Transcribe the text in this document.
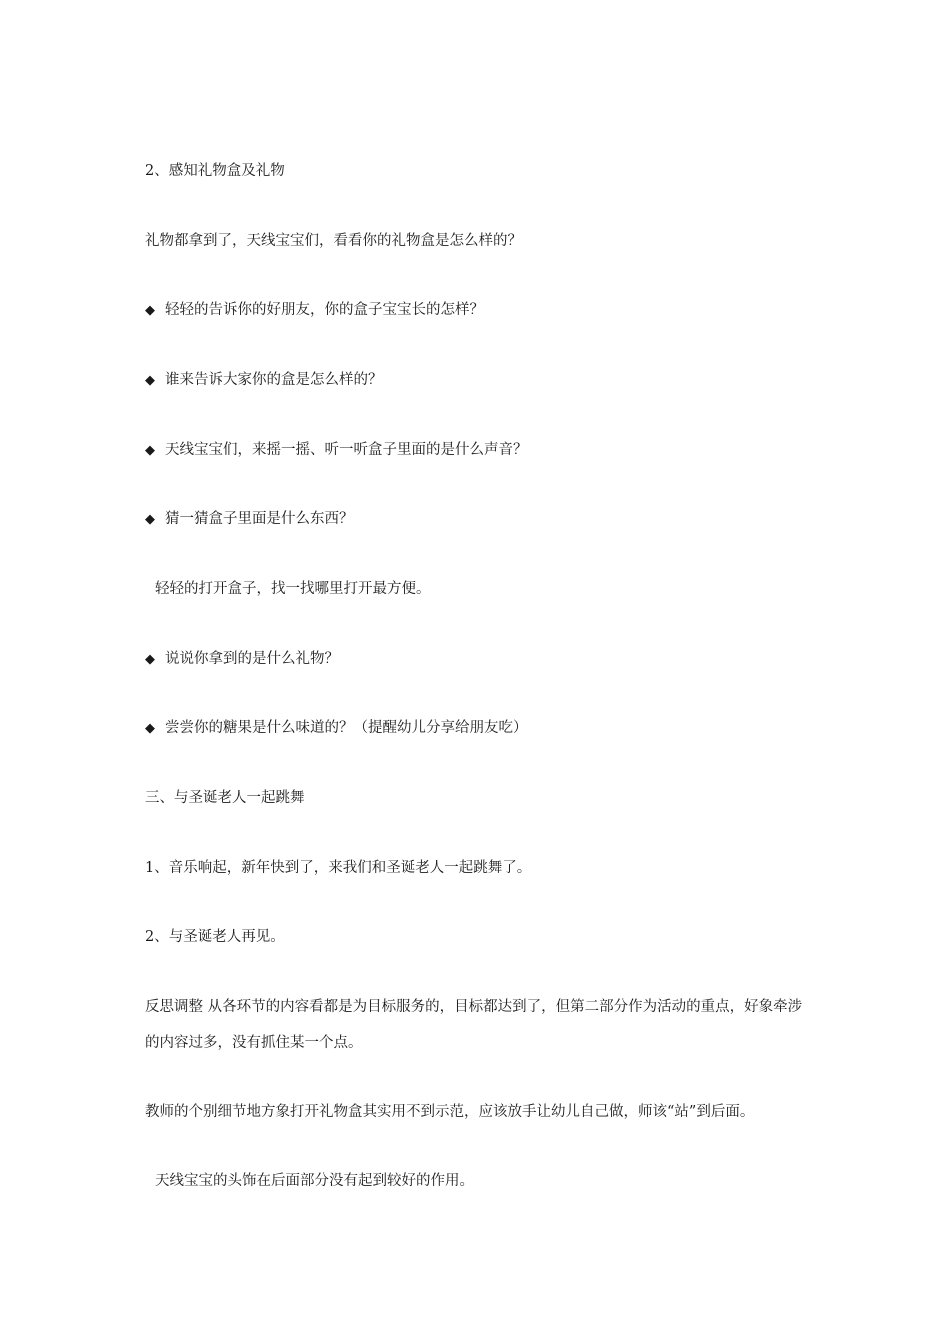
2、感知礼物盒及礼物
礼物都拿到了，天线宝宝们，看看你的礼物盒是怎么样的？
◆ 轻轻的告诉你的好朋友，你的盒子宝宝长的怎样？
◆ 谁来告诉大家你的盒是怎么样的？
◆ 天线宝宝们，来摇一摇、听一听盒子里面的是什么声音？
◆ 猜一猜盒子里面是什么东西？
轻轻的打开盒子，找一找哪里打开最方便。
◆ 说说你拿到的是什么礼物？
◆ 尝尝你的糖果是什么味道的？（提醒幼儿分享给朋友吃）
三、与圣诞老人一起跳舞
1、音乐响起，新年快到了，来我们和圣诞老人一起跳舞了。
2、与圣诞老人再见。
反思调整 从各环节的内容看都是为目标服务的，目标都达到了，但第二部分作为活动的重点，好象牵涉的内容过多，没有抓住某一个点。
教师的个别细节地方象打开礼物盒其实用不到示范，应该放手让幼儿自己做，师该“站”到后面。
天线宝宝的头饰在后面部分没有起到较好的作用。
